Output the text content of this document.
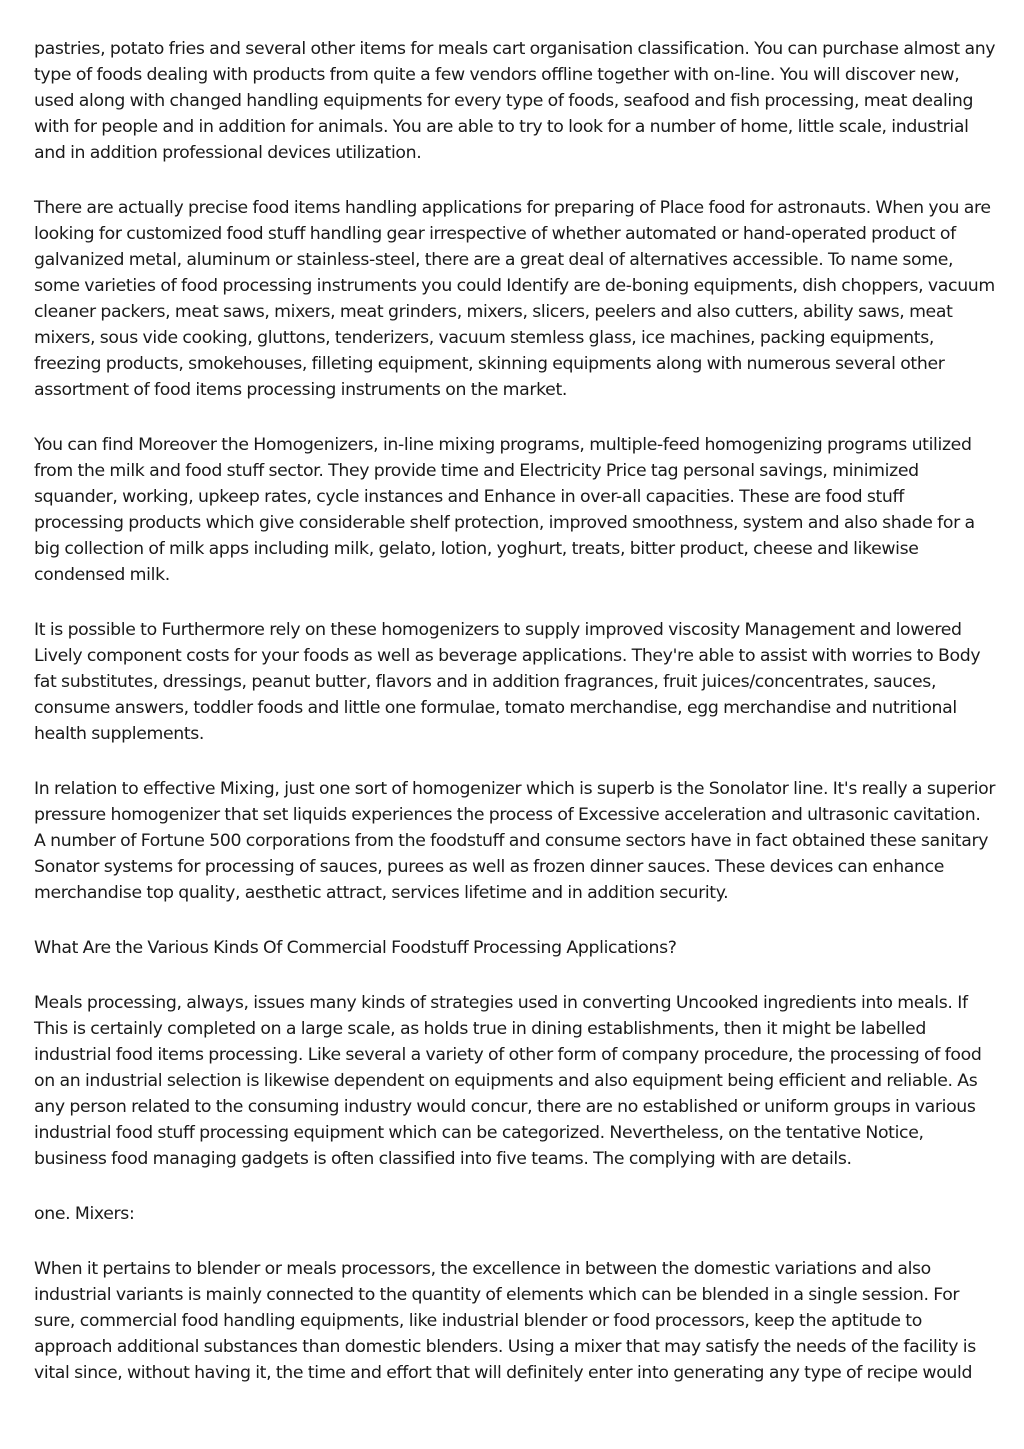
pastries, potato fries and several other items for meals cart organisation classification. You can purchase almost any type of foods dealing with products from quite a few vendors offline together with on-line. You will discover new, used along with changed handling equipments for every type of foods, seafood and fish processing, meat dealing with for people and in addition for animals. You are able to try to look for a number of home, little scale, industrial and in addition professional devices utilization.

There are actually precise food items handling applications for preparing of Place food for astronauts. When you are looking for customized food stuff handling gear irrespective of whether automated or hand-operated product of galvanized metal, aluminum or stainless-steel, there are a great deal of alternatives accessible. To name some, some varieties of food processing instruments you could Identify are de-boning equipments, dish choppers, vacuum cleaner packers, meat saws, mixers, meat grinders, mixers, slicers, peelers and also cutters, ability saws, meat mixers, sous vide cooking, gluttons, tenderizers, vacuum stemless glass, ice machines, packing equipments, freezing products, smokehouses, filleting equipment, skinning equipments along with numerous several other assortment of food items processing instruments on the market.

You can find Moreover the Homogenizers, in-line mixing programs, multiple-feed homogenizing programs utilized from the milk and food stuff sector. They provide time and Electricity Price tag personal savings, minimized squander, working, upkeep rates, cycle instances and Enhance in over-all capacities. These are food stuff processing products which give considerable shelf protection, improved smoothness, system and also shade for a big collection of milk apps including milk, gelato, lotion, yoghurt, treats, bitter product, cheese and likewise condensed milk.

It is possible to Furthermore rely on these homogenizers to supply improved viscosity Management and lowered Lively component costs for your foods as well as beverage applications. They're able to assist with worries to Body fat substitutes, dressings, peanut butter, flavors and in addition fragrances, fruit juices/concentrates, sauces, consume answers, toddler foods and little one formulae, tomato merchandise, egg merchandise and nutritional health supplements.

In relation to effective Mixing, just one sort of homogenizer which is superb is the Sonolator line. It's really a superior pressure homogenizer that set liquids experiences the process of Excessive acceleration and ultrasonic cavitation. A number of Fortune 500 corporations from the foodstuff and consume sectors have in fact obtained these sanitary Sonator systems for processing of sauces, purees as well as frozen dinner sauces. These devices can enhance merchandise top quality, aesthetic attract, services lifetime and in addition security.

What Are the Various Kinds Of Commercial Foodstuff Processing Applications?

Meals processing, always, issues many kinds of strategies used in converting Uncooked ingredients into meals. If This is certainly completed on a large scale, as holds true in dining establishments, then it might be labelled industrial food items processing. Like several a variety of other form of company procedure, the processing of food on an industrial selection is likewise dependent on equipments and also equipment being efficient and reliable. As any person related to the consuming industry would concur, there are no established or uniform groups in various industrial food stuff processing equipment which can be categorized. Nevertheless, on the tentative Notice, business food managing gadgets is often classified into five teams. The complying with are details.

one. Mixers:

When it pertains to blender or meals processors, the excellence in between the domestic variations and also industrial variants is mainly connected to the quantity of elements which can be blended in a single session. For sure, commercial food handling equipments, like industrial blender or food processors, keep the aptitude to approach additional substances than domestic blenders. Using a mixer that may satisfy the needs of the facility is vital since, without having it, the time and effort that will definitely enter into generating any type of recipe would
